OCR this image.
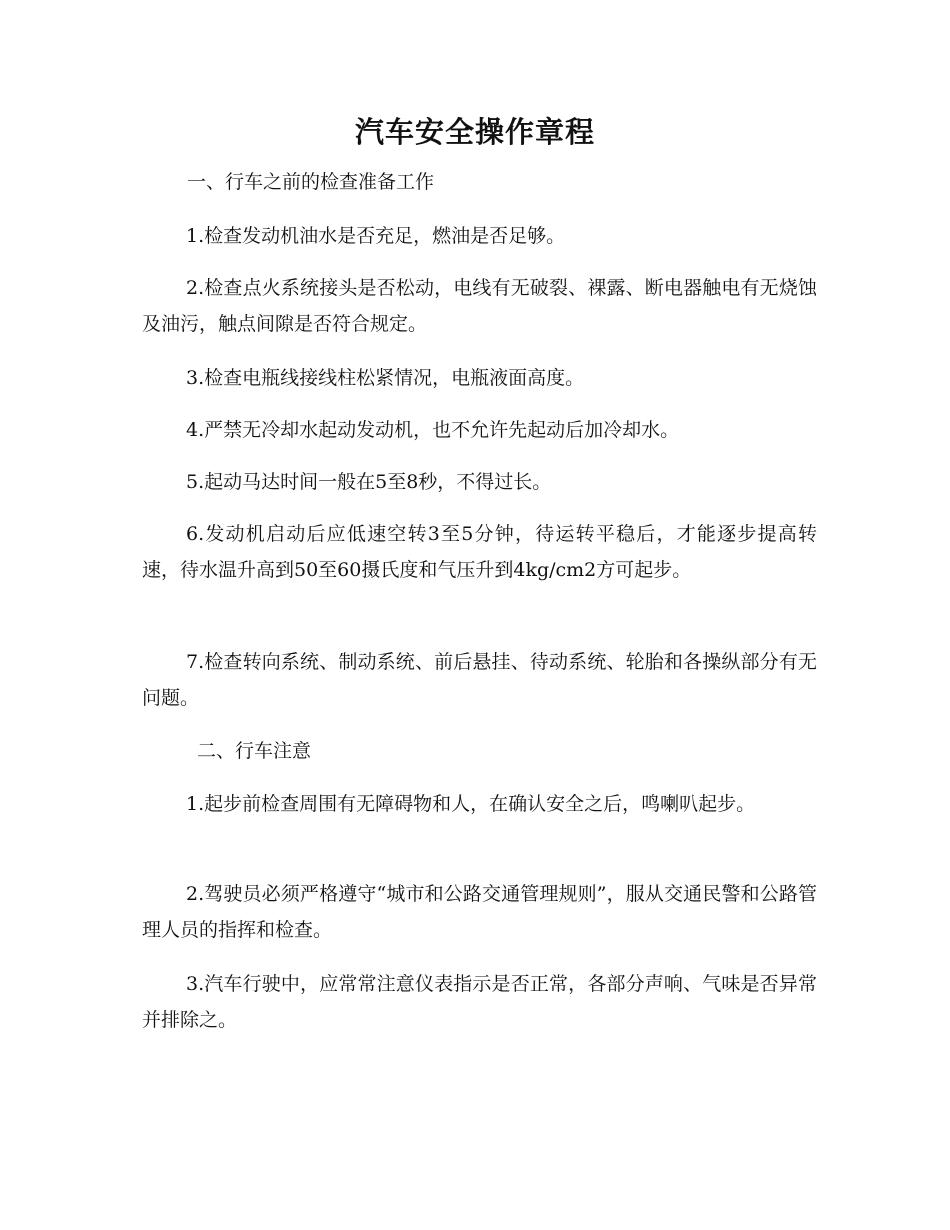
汽车安全操作章程
一、行车之前的检查准备工作
1.检查发动机油水是否充足，燃油是否足够。
2.检查点火系统接头是否松动，电线有无破裂、裸露、断电器触电有无烧蚀及油污，触点间隙是否符合规定。
3.检查电瓶线接线柱松紧情况，电瓶液面高度。
4.严禁无冷却水起动发动机，也不允许先起动后加冷却水。
5.起动马达时间一般在5至8秒，不得过长。
6.发动机启动后应低速空转3至5分钟，待运转平稳后，才能逐步提高转速，待水温升高到50至60摄氏度和气压升到4kg/cm2方可起步。
7.检查转向系统、制动系统、前后悬挂、待动系统、轮胎和各操纵部分有无问题。
二、行车注意
1.起步前检查周围有无障碍物和人，在确认安全之后，鸣喇叭起步。
2.驾驶员必须严格遵守“城市和公路交通管理规则”，服从交通民警和公路管理人员的指挥和检查。
3.汽车行驶中，应常常注意仪表指示是否正常，各部分声响、气味是否异常并排除之。
